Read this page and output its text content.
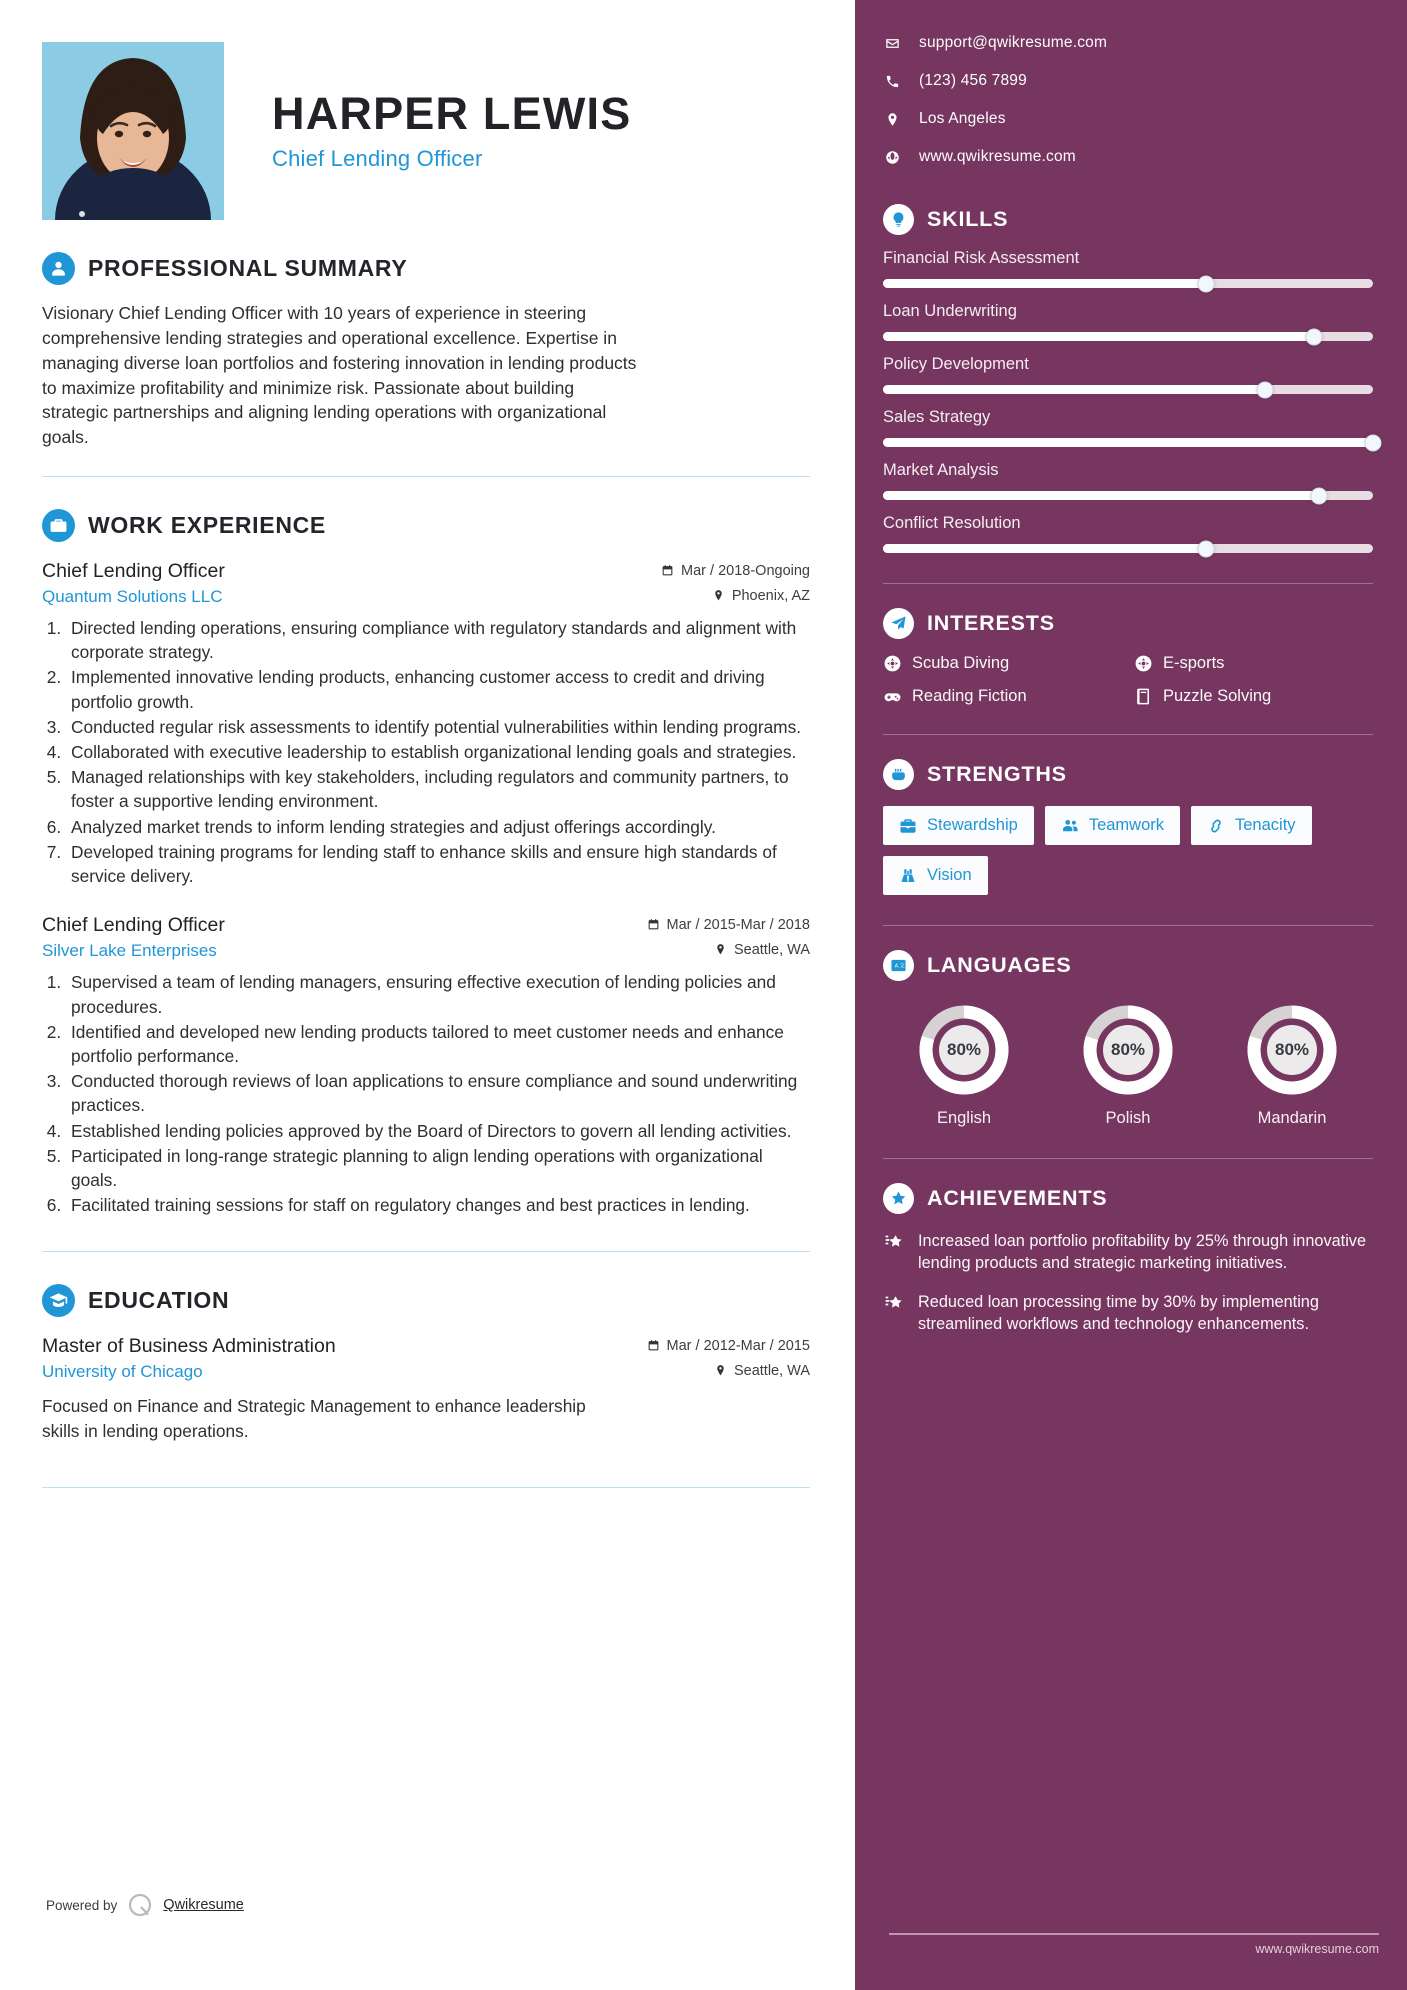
HARPER LEWIS
Chief Lending Officer
PROFESSIONAL SUMMARY
Visionary Chief Lending Officer with 10 years of experience in steering comprehensive lending strategies and operational excellence. Expertise in managing diverse loan portfolios and fostering innovation in lending products to maximize profitability and minimize risk. Passionate about building strategic partnerships and aligning lending operations with organizational goals.
WORK EXPERIENCE
Chief Lending Officer	Mar / 2018-Ongoing
Quantum Solutions LLC	Phoenix, AZ
1. Directed lending operations, ensuring compliance with regulatory standards and alignment with corporate strategy.
2. Implemented innovative lending products, enhancing customer access to credit and driving portfolio growth.
3. Conducted regular risk assessments to identify potential vulnerabilities within lending programs.
4. Collaborated with executive leadership to establish organizational lending goals and strategies.
5. Managed relationships with key stakeholders, including regulators and community partners, to foster a supportive lending environment.
6. Analyzed market trends to inform lending strategies and adjust offerings accordingly.
7. Developed training programs for lending staff to enhance skills and ensure high standards of service delivery.
Chief Lending Officer	Mar / 2015-Mar / 2018
Silver Lake Enterprises	Seattle, WA
1. Supervised a team of lending managers, ensuring effective execution of lending policies and procedures.
2. Identified and developed new lending products tailored to meet customer needs and enhance portfolio performance.
3. Conducted thorough reviews of loan applications to ensure compliance and sound underwriting practices.
4. Established lending policies approved by the Board of Directors to govern all lending activities.
5. Participated in long-range strategic planning to align lending operations with organizational goals.
6. Facilitated training sessions for staff on regulatory changes and best practices in lending.
EDUCATION
Master of Business Administration	Mar / 2012-Mar / 2015
University of Chicago	Seattle, WA
Focused on Finance and Strategic Management to enhance leadership skills in lending operations.
Powered by	Qwikresume
support@qwikresume.com
(123) 456 7899
Los Angeles
www.qwikresume.com
SKILLS
Financial Risk Assessment
Loan Underwriting
Policy Development
Sales Strategy
Market Analysis
Conflict Resolution
INTERESTS
Scuba Diving	E-sports
Reading Fiction	Puzzle Solving
STRENGTHS
Stewardship	Teamwork	Tenacity
Vision
A 文 LANGUAGES
80%
English
80%
Polish
80%
Mandarin
ACHIEVEMENTS
Increased loan portfolio profitability by 25% through innovative lending products and strategic marketing initiatives.
Reduced loan processing time by 30% by implementing streamlined workflows and technology enhancements.
www.qwikresume.com
